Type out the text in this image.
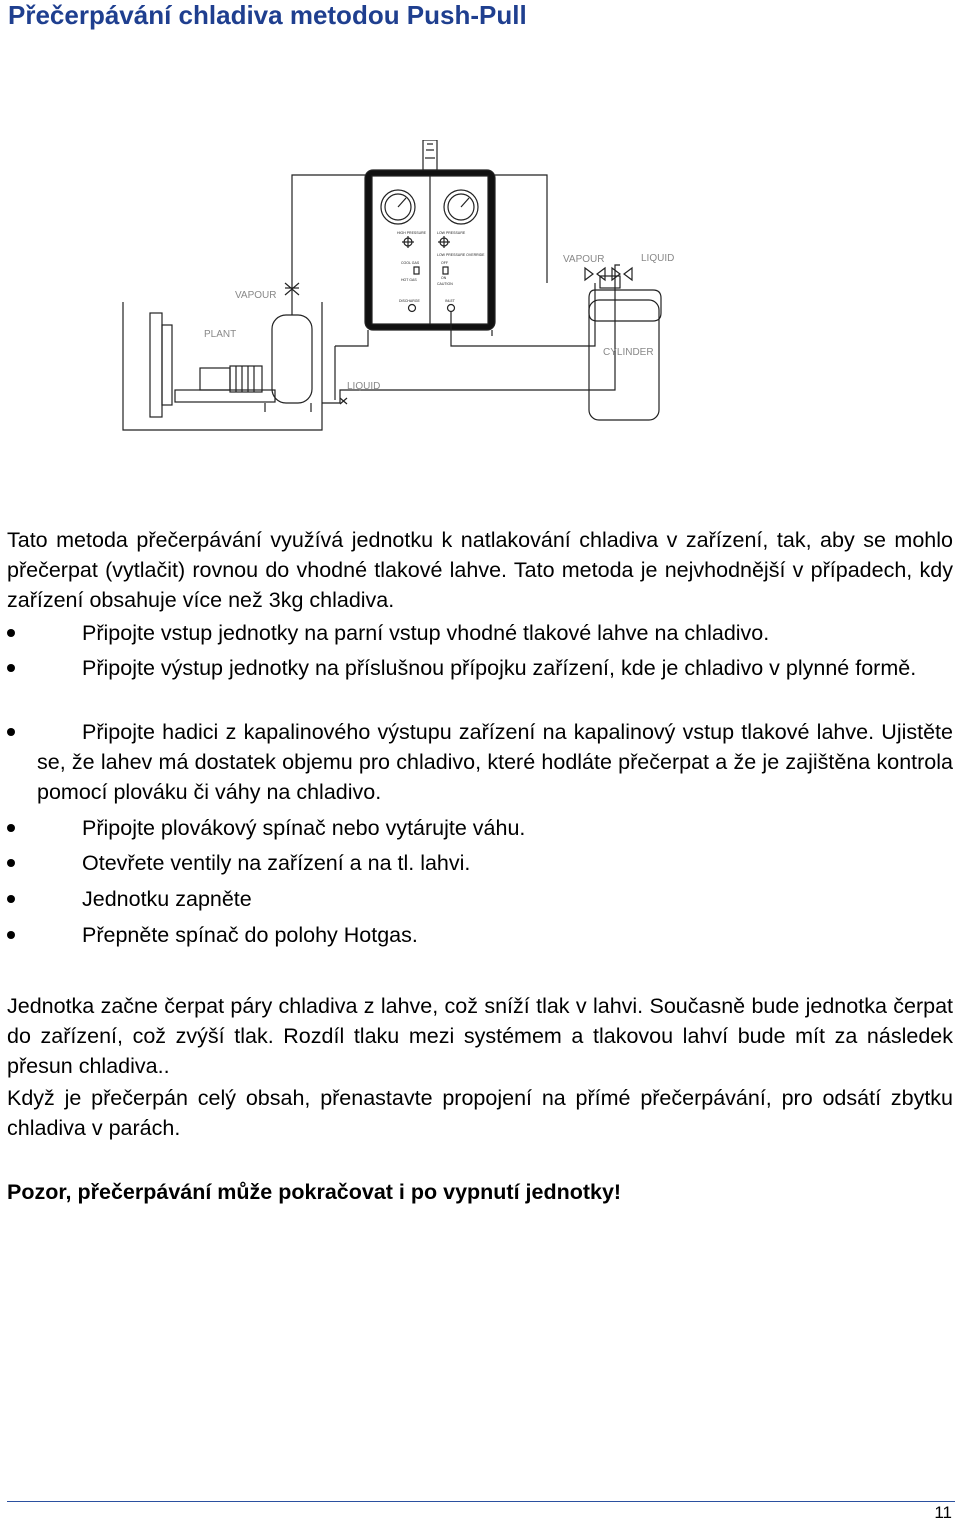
Přečerpávání chladiva metodou Push-Pull
DISCHARGE PRESSURE	RECOVERY PRESSURE
HIGH PRESSURE	LOW PRESSURE
COOL GAS
HOT GAS
LOW PRESSURE OVERRIDE
OFF
ON
CAUTION
DISCHARGE	INLET
VAPOUR
PLANT
LIQUID
VAPOUR	LIQUID
CYLINDER
Tato metoda přečerpávání využívá jednotku k natlakování chladiva v zařízení, tak, aby se mohlo přečerpat (vytlačit) rovnou do vhodné tlakové lahve. Tato metoda je nejvhodnější v případech, kdy zařízení obsahuje více než 3kg chladiva.
Připojte vstup jednotky na parní vstup vhodné tlakové lahve na chladivo.
Připojte výstup jednotky na příslušnou přípojku zařízení, kde je chladivo v plynné formě.
Připojte hadici z kapalinového výstupu zařízení na kapalinový vstup tlakové lahve. Ujistěte se, že lahev má dostatek objemu pro chladivo, které hodláte přečerpat a že je zajištěna kontrola pomocí plováku či váhy na chladivo.
Připojte plovákový spínač nebo vytárujte váhu.
Otevřete ventily na zařízení a na tl. lahvi.
Jednotku zapněte
Přepněte spínač do polohy Hotgas.
Jednotka začne čerpat páry chladiva z lahve, což sníží tlak v lahvi. Současně bude jednotka čerpat do zařízení, což zvýší tlak. Rozdíl tlaku mezi systémem a tlakovou lahví bude mít za následek přesun chladiva..
Když je přečerpán celý obsah, přenastavte propojení na přímé přečerpávání, pro odsátí zbytku chladiva v parách.
Pozor, přečerpávání může pokračovat i po vypnutí jednotky!
11
